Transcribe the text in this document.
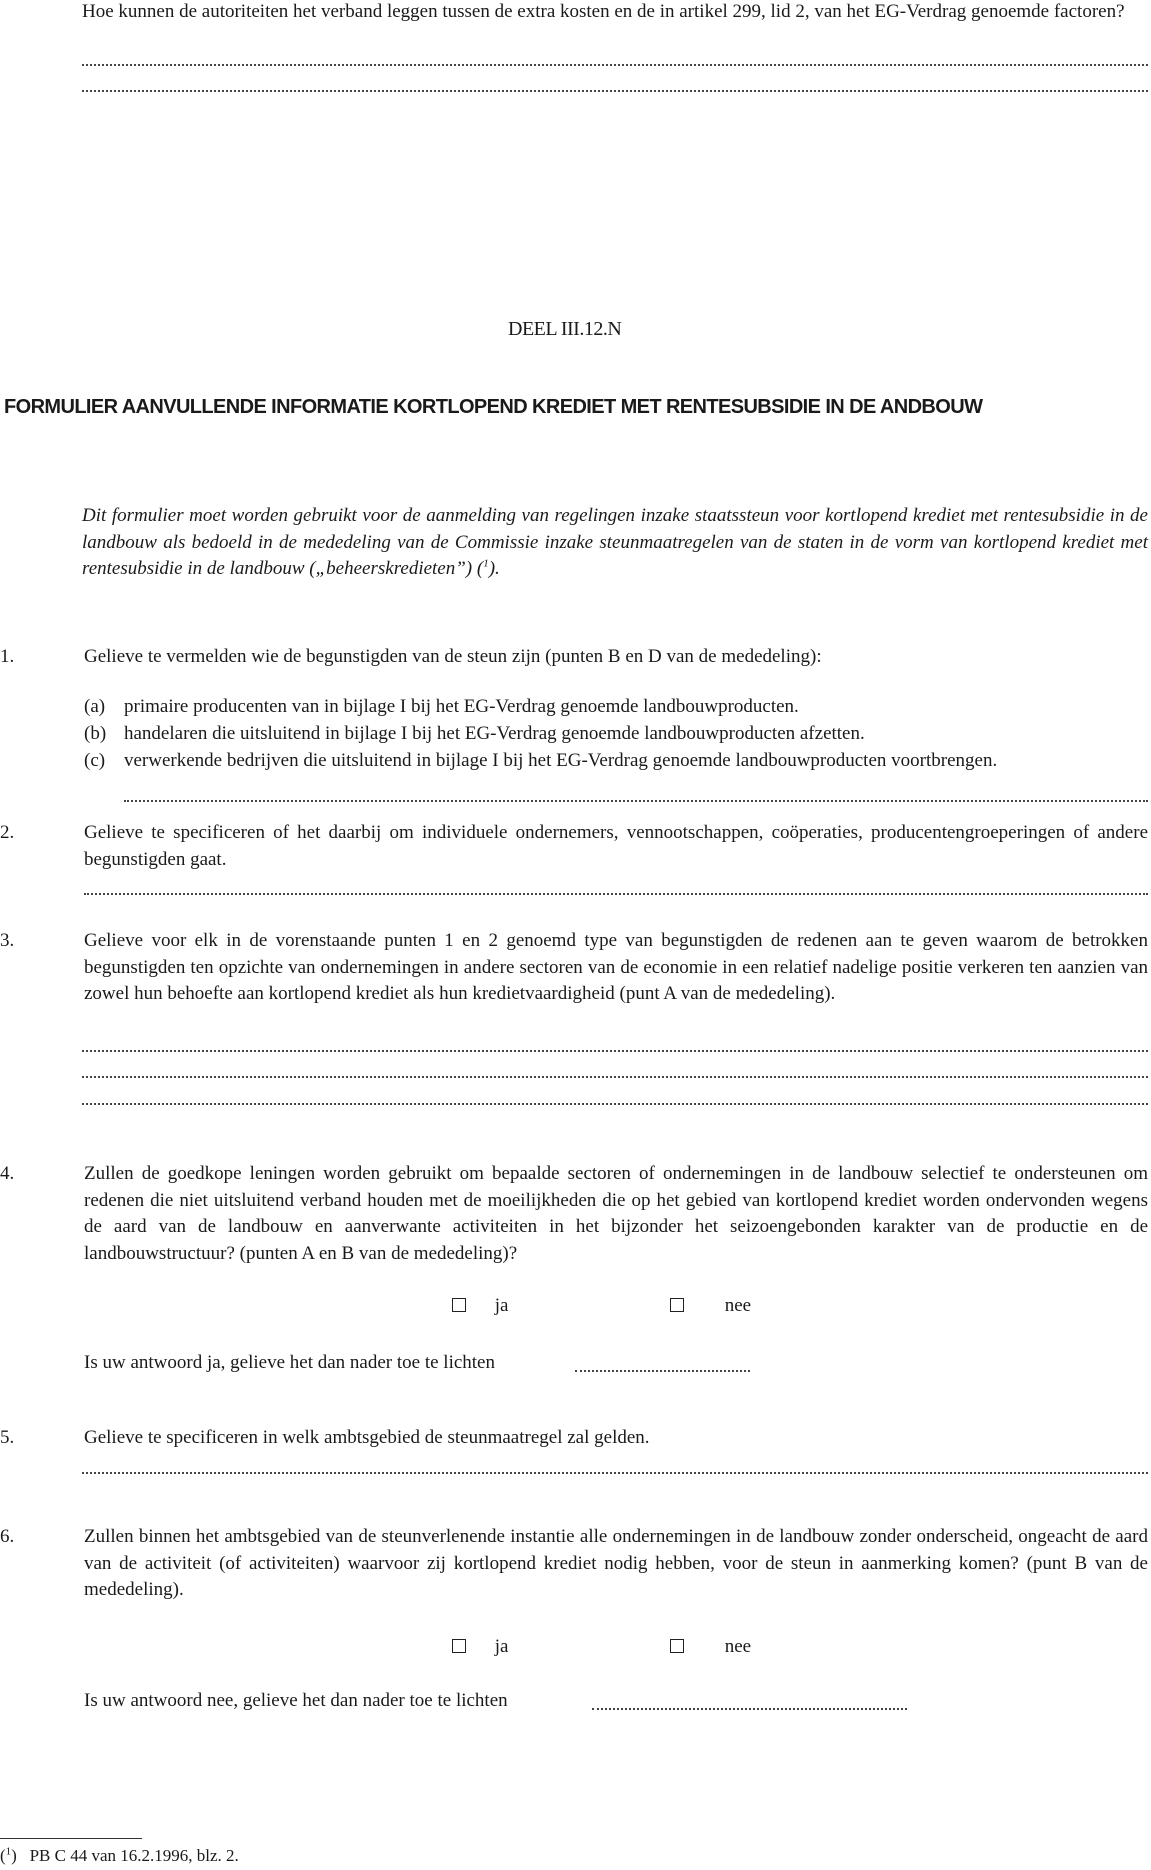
Hoe kunnen de autoriteiten het verband leggen tussen de extra kosten en de in artikel 299, lid 2, van het EG-Verdrag genoemde factoren?
DEEL III.12.N
FORMULIER AANVULLENDE INFORMATIE KORTLOPEND KREDIET MET RENTESUBSIDIE IN DE ANDBOUW
Dit formulier moet worden gebruikt voor de aanmelding van regelingen inzake staatssteun voor kortlopend krediet met rentesubsidie in de landbouw als bedoeld in de mededeling van de Commissie inzake steunmaatregelen van de staten in de vorm van kortlopend krediet met rentesubsidie in de landbouw („beheerskredieten”) ($^1$).
1.	Gelieve te vermelden wie de begunstigden van de steun zijn (punten B en D van de mededeling):
(a) primaire producenten van in bijlage I bij het EG-Verdrag genoemde landbouwproducten.
(b) handelaren die uitsluitend in bijlage I bij het EG-Verdrag genoemde landbouwproducten afzetten.
(c) verwerkende bedrijven die uitsluitend in bijlage I bij het EG-Verdrag genoemde landbouwproducten voortbrengen.
2.	Gelieve te specificeren of het daarbij om individuele ondernemers, vennootschappen, coöperaties, producentengroeperingen of andere begunstigden gaat.
3.	Gelieve voor elk in de vorenstaande punten 1 en 2 genoemd type van begunstigden de redenen aan te geven waarom de betrokken begunstigden ten opzichte van ondernemingen in andere sectoren van de economie in een relatief nadelige positie verkeren ten aanzien van zowel hun behoefte aan kortlopend krediet als hun kredietvaardigheid (punt A van de mededeling).
4.	Zullen de goedkope leningen worden gebruikt om bepaalde sectoren of ondernemingen in de landbouw selectief te ondersteunen om redenen die niet uitsluitend verband houden met de moeilijkheden die op het gebied van kortlopend krediet worden ondervonden wegens de aard van de landbouw en aanverwante activiteiten in het bijzonder het seizoengebonden karakter van de productie en de landbouwstructuur? (punten A en B van de mededeling)?
ja	nee
Is uw antwoord ja, gelieve het dan nader toe te lichten
5.	Gelieve te specificeren in welk ambtsgebied de steunmaatregel zal gelden.
6.	Zullen binnen het ambtsgebied van de steunverlenende instantie alle ondernemingen in de landbouw zonder onderscheid, ongeacht de aard van de activiteit (of activiteiten) waarvoor zij kortlopend krediet nodig hebben, voor de steun in aanmerking komen? (punt B van de mededeling).
ja	nee
Is uw antwoord nee, gelieve het dan nader toe te lichten
($^1$)   PB C 44 van 16.2.1996, blz. 2.
